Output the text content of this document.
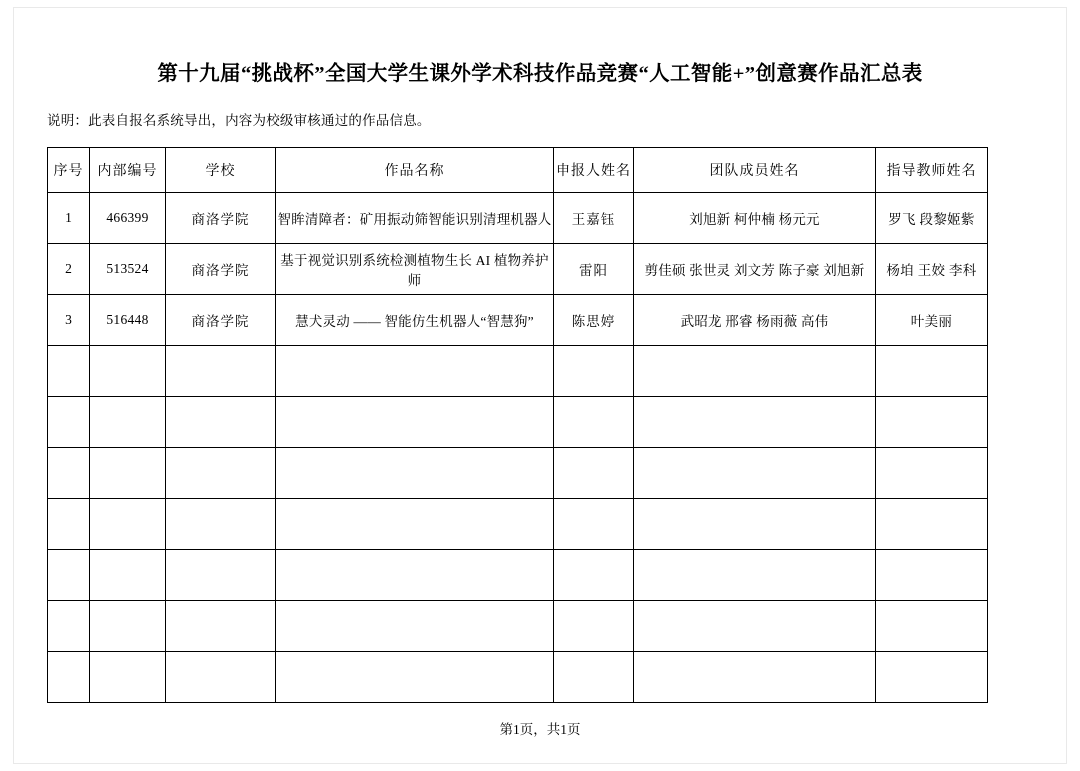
第十九届“挑战杯”全国大学生课外学术科技作品竞赛“人工智能+”创意赛作品汇总表
说明：此表自报名系统导出，内容为校级审核通过的作品信息。
序号	内部编号	学校	作品名称	申报人姓名	团队成员姓名	指导教师姓名
1	466399	商洛学院	智眸清障者：矿用振动筛智能识别清理机器人	王嘉钰	刘旭新 柯仲楠 杨元元	罗飞 段黎姬紫
2	513524	商洛学院	基于视觉识别系统检测植物生长 AI 植物养护师	雷阳	剪佳硕 张世灵 刘文芳 陈子豪 刘旭新	杨垍 王姣 李科
3	516448	商洛学院	慧犬灵动 —— 智能仿生机器人“智慧狗”	陈思婷	武昭龙 邢睿 杨雨薇 高伟	叶美丽

第1页，共1页
